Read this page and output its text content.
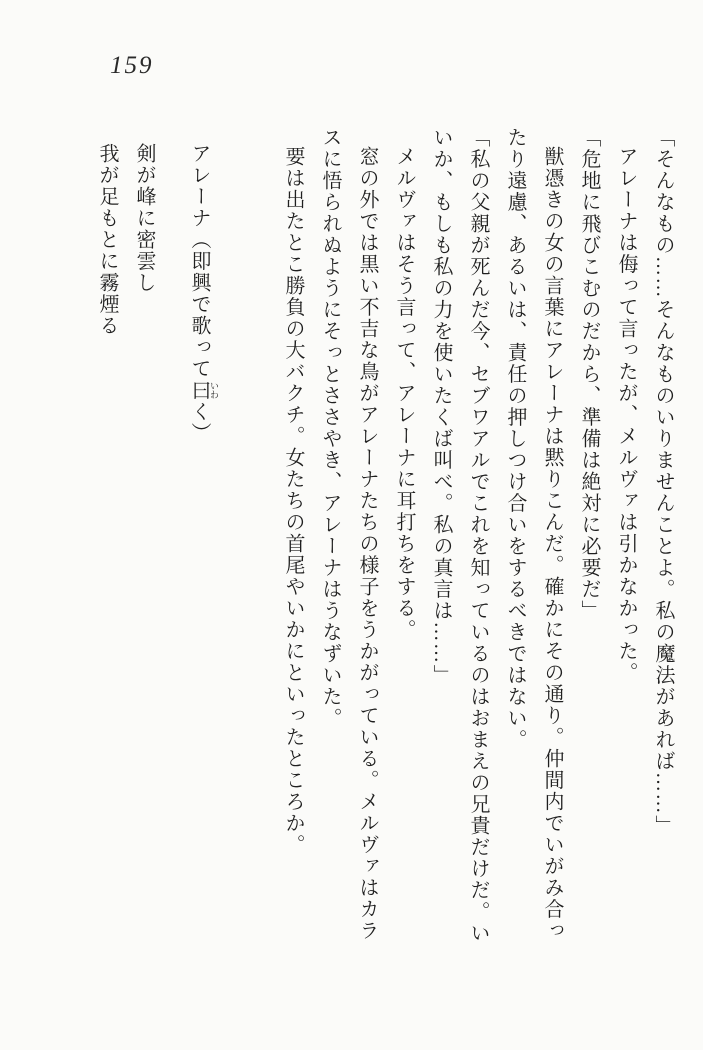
159
「そんなもの……そんなものいりませんことよ。私の魔法があれば……」
アレーナは侮って言ったが、メルヴァは引かなかった。
「危地に飛びこむのだから、準備は絶対に必要だ」
獣憑きの女の言葉にアレーナは黙りこんだ。確かにその通り。仲間内でいがみ合っ
たり遠慮、あるいは、責任の押しつけ合いをするべきではない。
「私の父親が死んだ今、セブワアルでこれを知っているのはおまえの兄貴だけだ。い
いか、もしも私の力を使いたくば叫べ。私の真言は……」
メルヴァはそう言って、アレーナに耳打ちをする。
窓の外では黒い不吉な鳥がアレーナたちの様子をうかがっている。メルヴァはカラ
スに悟られぬようにそっとささやき、アレーナはうなずいた。
要は出たとこ勝負の大バクチ。女たちの首尾やいかにといったところか。
アレーナ（即興で歌って曰 いわく）
剣が峰に密雲し
我が足もとに霧煙る
